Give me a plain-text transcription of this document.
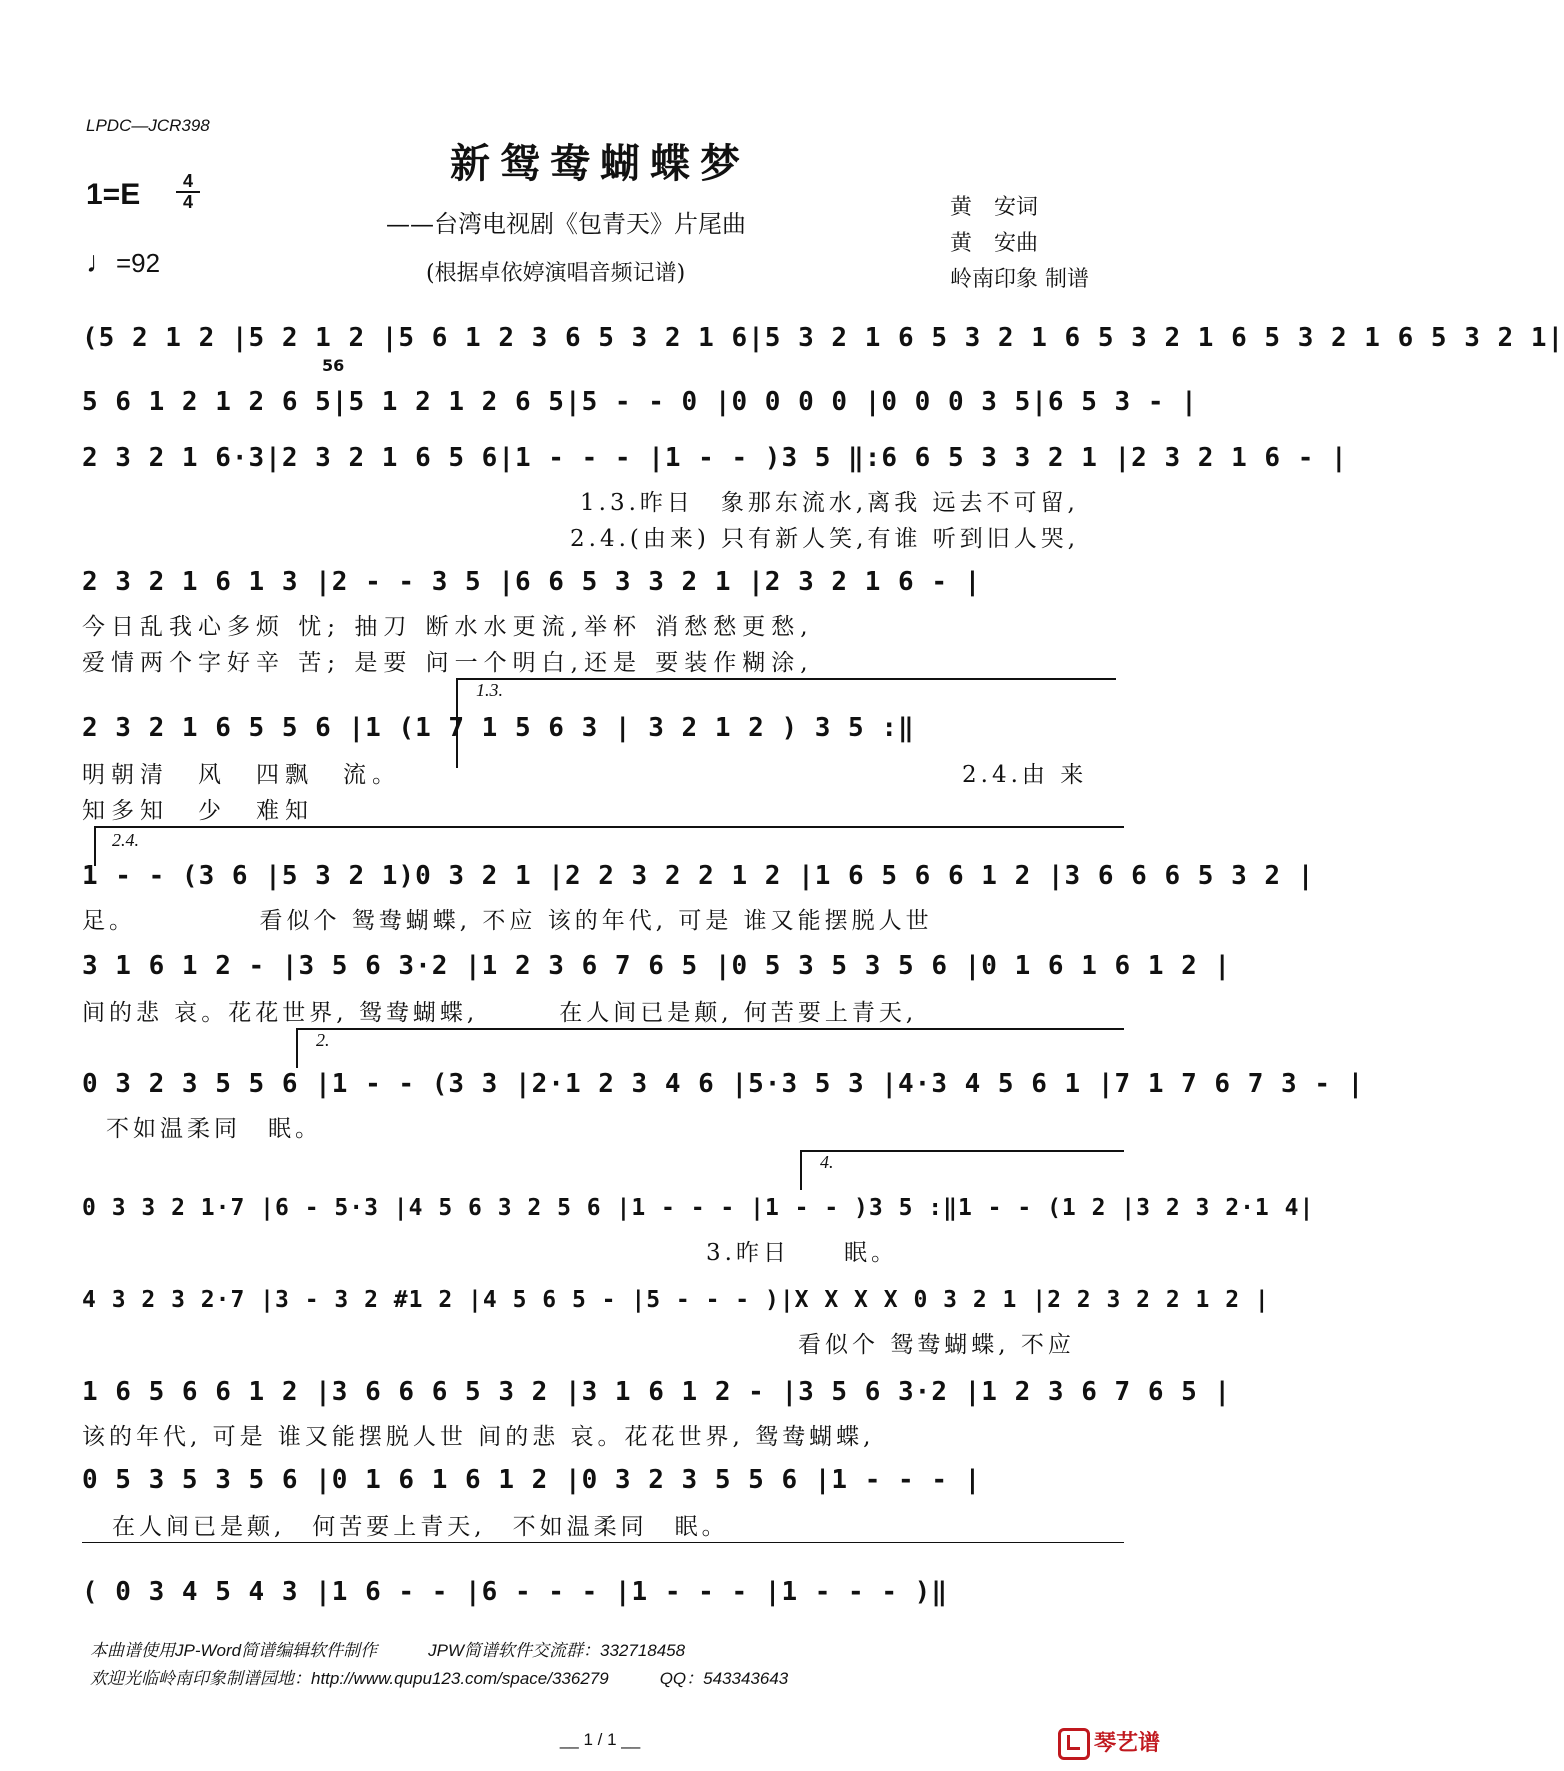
LPDC—JCR398
新鸳鸯蝴蝶梦
——台湾电视剧《包青天》片尾曲
(根据卓依婷演唱音频记谱)
黄　安词
黄　安曲
岭南印象 制谱
1=E	4
4
♩=92
(5 2 1 2 |5 2 1 2 |5 6 1 2 3 6 5 3 2 1 6|5 3 2 1 6 5 3 2 1 6 5 3 2 1 6 5 3 2 1 6 5 3 2 1|
56
5 6 1 2 1 2 6 5|5 1 2 1 2 6 5|5 - - 0 |0 0 0 0 |0 0 0 3 5|6 5 3 - |
2 3 2 1 6·3|2 3 2 1 6 5 6|1 - - - |1 - - )3 5 ‖:6 6 5 3 3 2 1 |2 3 2 1 6 - |
1.3.昨日　象那东流水,离我 远去不可留,
2.4.(由来) 只有新人笑,有谁 听到旧人哭,
2 3 2 1 6 1 3 |2 - - 3 5 |6 6 5 3 3 2 1 |2 3 2 1 6 - |
今日乱我心多烦 忧; 抽刀 断水水更流,举杯 消愁愁更愁,
爱情两个字好辛 苦; 是要 问一个明白,还是 要装作糊涂,
1.3.
2 3 2 1 6 5 5 6 |1 (1 7 1 5 6 3 | 3 2 1 2 ) 3 5 :‖
明朝清　风　四飘　流。
知多知　少　难知
2.4.由 来
2.4.
1 - - (3 6 |5 3 2 1)0 3 2 1 |2 2 3 2 2 1 2 |1 6 5 6 6 1 2 |3 6 6 6 5 3 2 |
足。　　　　　看似个 鸳鸯蝴蝶, 不应 该的年代, 可是 谁又能摆脱人世
3 1 6 1 2 - |3 5 6 3·2 |1 2 3 6 7 6 5 |0 5 3 5 3 5 6 |0 1 6 1 6 1 2 |
间的悲 哀。花花世界, 鸳鸯蝴蝶,　　　在人间已是颠, 何苦要上青天,
2.
0 3 2 3 5 5 6 |1 - - (3 3 |2·1 2 3 4 6 |5·3 5 3 |4·3 4 5 6 1 |7 1 7 6 7 3 - |
不如温柔同　眠。
4.
0 3 3 2 1·7 |6 - 5·3 |4 5 6 3 2 5 6 |1 - - - |1 - - )3 5 :‖1 - - (1 2 |3 2 3 2·1 4|
3.昨日　　眠。
4 3 2 3 2·7 |3 - 3 2 #1 2 |4 5 6 5 - |5 - - - )|X X X X 0 3 2 1 |2 2 3 2 2 1 2 |
看似个 鸳鸯蝴蝶, 不应
1 6 5 6 6 1 2 |3 6 6 6 5 3 2 |3 1 6 1 2 - |3 5 6 3·2 |1 2 3 6 7 6 5 |
该的年代, 可是 谁又能摆脱人世 间的悲 哀。花花世界, 鸳鸯蝴蝶,
0 5 3 5 3 5 6 |0 1 6 1 6 1 2 |0 3 2 3 5 5 6 |1 - - - |
在人间已是颠,　何苦要上青天,　不如温柔同　眠。
( 0 3 4 5 4 3 |1 6 - - |6 - - - |1 - - - |1 - - - )‖
本曲谱使用JP-Word简谱编辑软件制作　　　JPW简谱软件交流群：332718458
欢迎光临岭南印象制谱园地：http://www.qupu123.com/space/336279　　　QQ：543343643
__ 1 / 1 __	琴艺谱
